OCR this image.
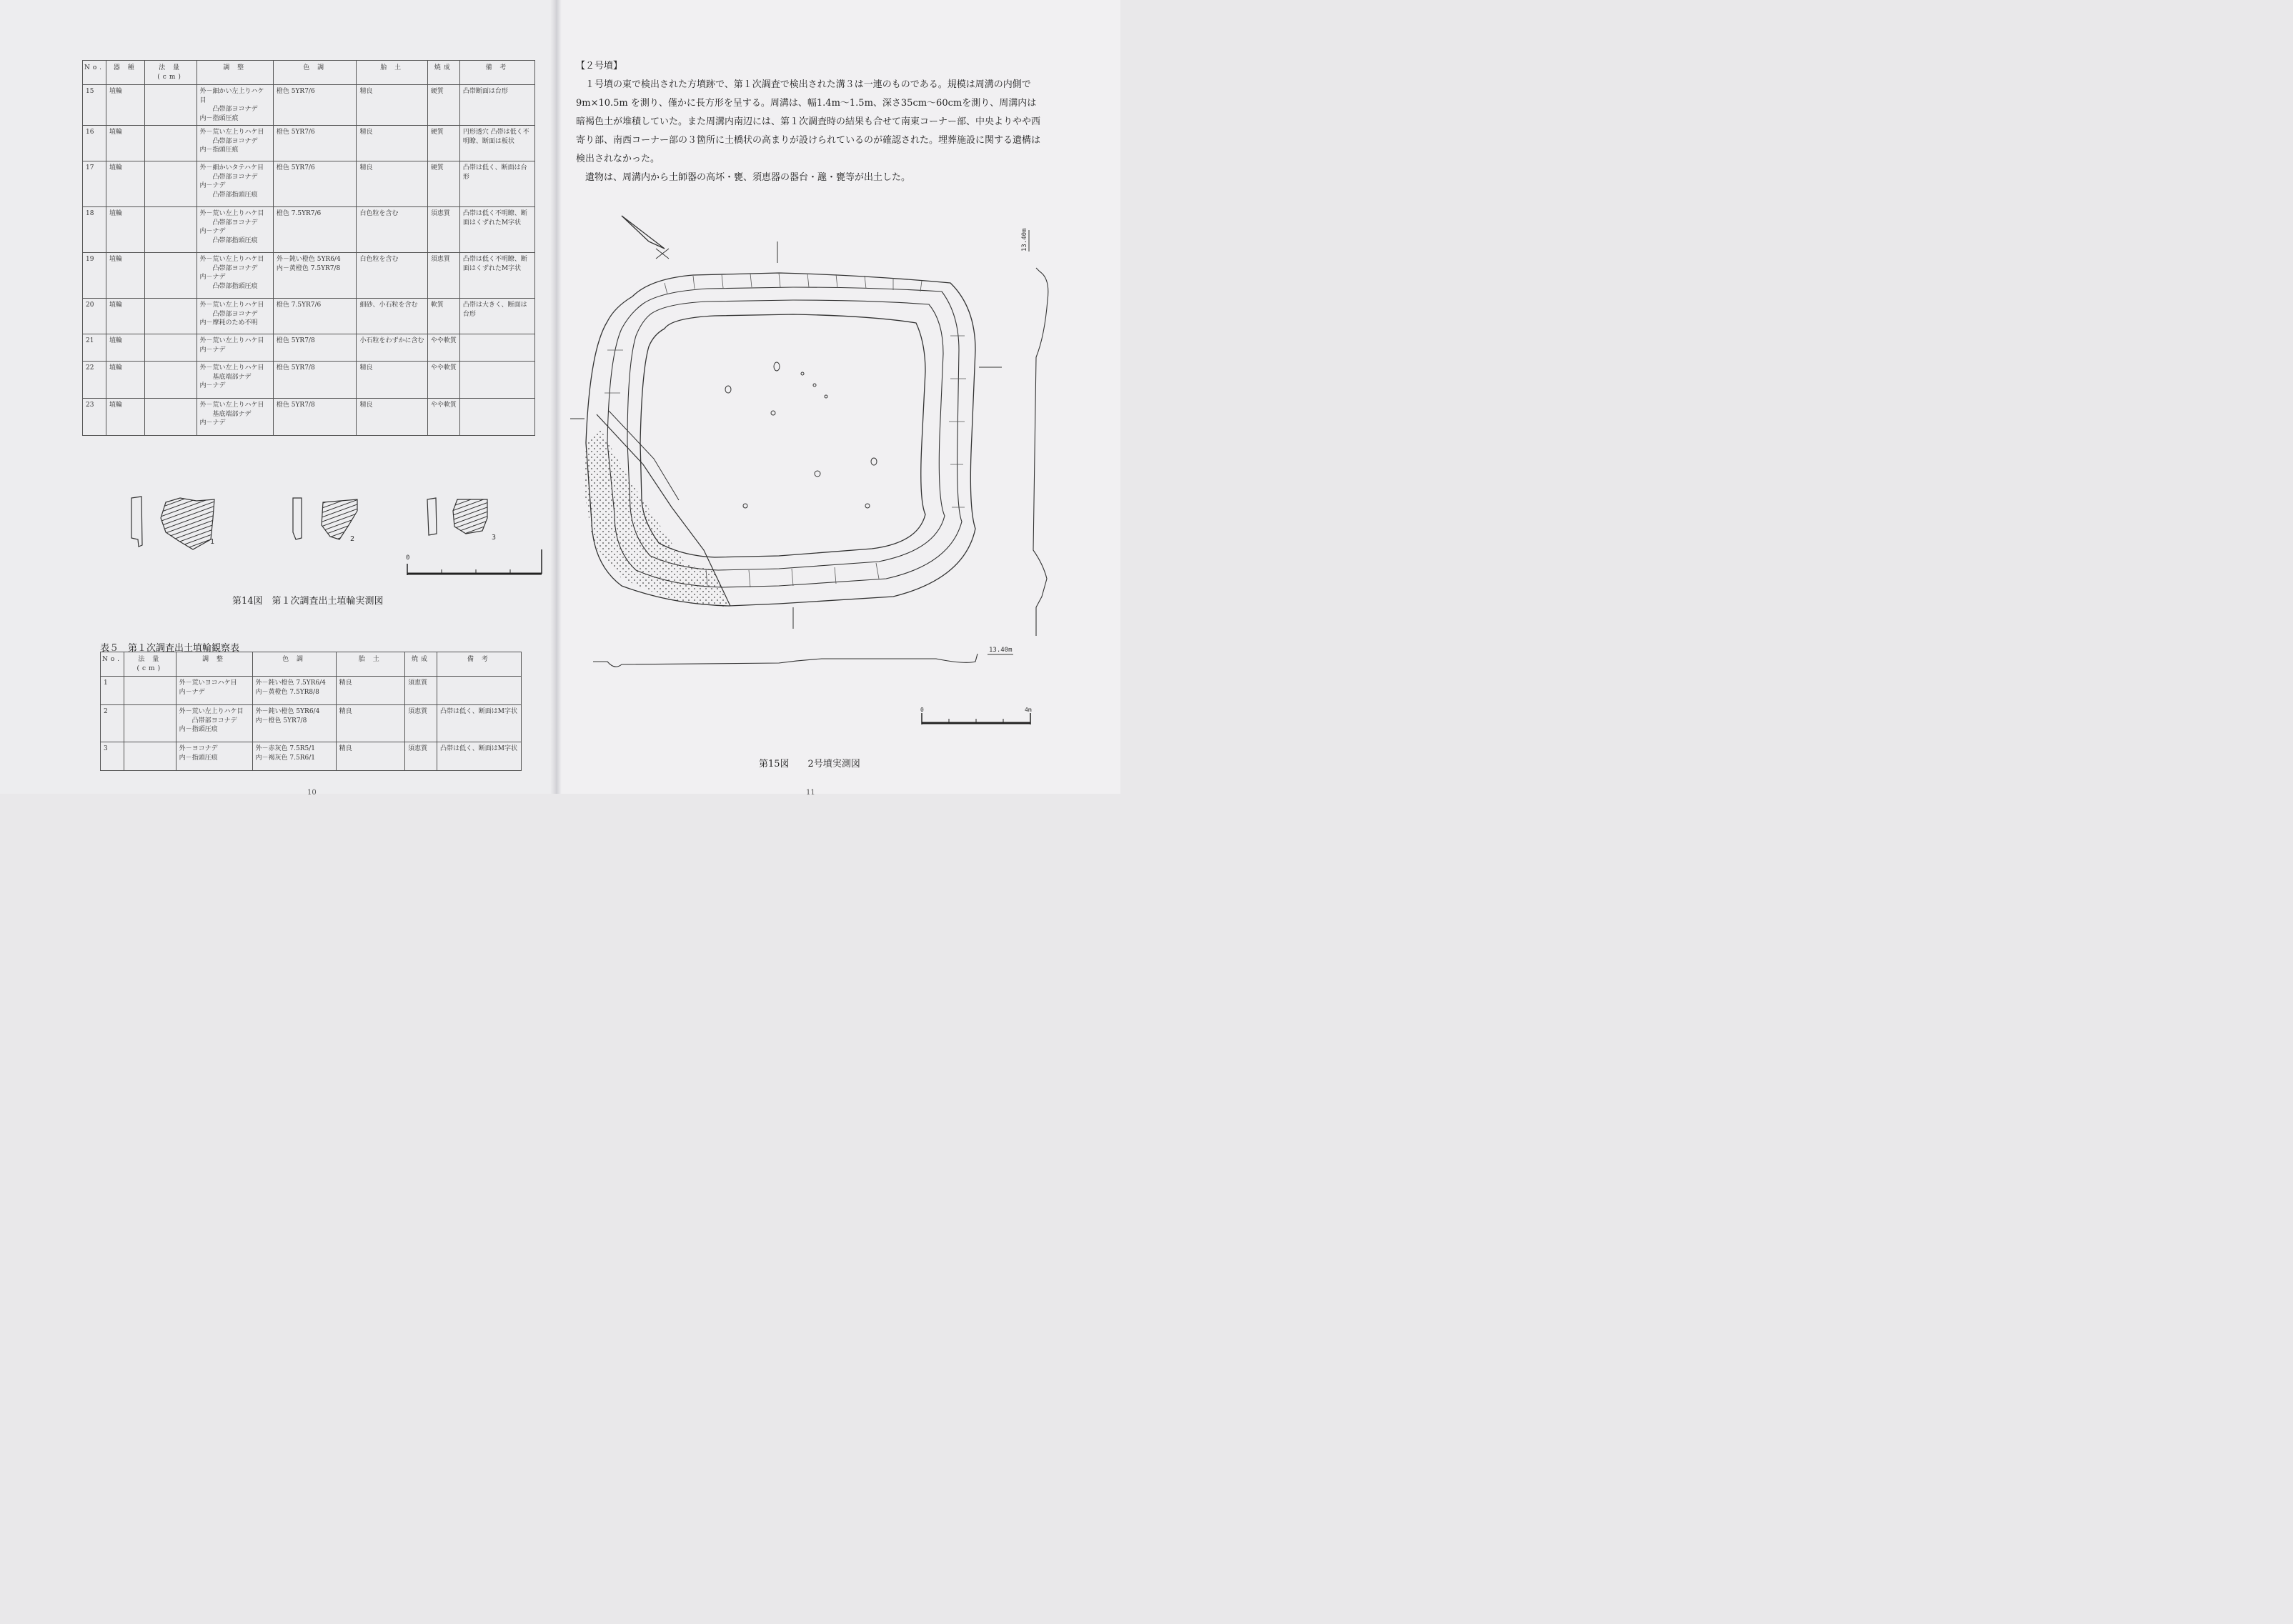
No.	器 種	法 量(cm)	調 整	色 調	胎 土	焼成	備 考
15	埴輪		外－細かい左上りハケ目
凸帯部ヨコナデ
内－指頭圧痕	橙色 5YR7/6	精良	硬質	凸帯断面は台形
16	埴輪		外－荒い左上りハケ目
凸帯部ヨコナデ
内－指頭圧痕	橙色 5YR7/6	精良	硬質	円形透穴 凸帯は低く不明瞭、断面は板状
17	埴輪		外－細かいタテハケ目
凸帯部ヨコナデ
内－ナデ
凸帯部指頭圧痕	橙色 5YR7/6	精良	硬質	凸帯は低く、断面は台形
18	埴輪		外－荒い左上りハケ目
凸帯部ヨコナデ
内－ナデ
凸帯部指頭圧痕	橙色 7.5YR7/6	白色粒を含む	須恵質	凸帯は低く不明瞭、断面はくずれたM字状
19	埴輪		外－荒い左上りハケ目
凸帯部ヨコナデ
内－ナデ
凸帯部指頭圧痕	外－鈍い橙色 5YR6/4
内－黄橙色 7.5YR7/8	白色粒を含む	須恵質	凸帯は低く不明瞭、断面はくずれたM字状
20	埴輪		外－荒い左上りハケ目
凸帯部ヨコナデ
内－摩耗のため不明	橙色 7.5YR7/6	細砂、小石粒を含む	軟質	凸帯は大きく、断面は台形
21	埴輪		外－荒い左上りハケ目
内－ナデ	橙色 5YR7/8	小石粒をわずかに含む	やや軟質	
22	埴輪		外－荒い左上りハケ目
基底端部ナデ
内－ナデ	橙色 5YR7/8	精良	やや軟質	
23	埴輪		外－荒い左上りハケ目
基底端部ナデ
内－ナデ	橙色 5YR7/8	精良	やや軟質	
1	2	3
0
第14図　第１次調査出土埴輪実測図
表５　第１次調査出土埴輪観察表
No.	法 量(cm)	調 整	色 調	胎 土	焼成	備 考
1		外－荒いヨコハケ目
内－ナデ	外－鈍い橙色 7.5YR6/4
内－黄橙色 7.5YR8/8	精良	須恵質	
2		外－荒い左上りハケ目
凸帯部ヨコナデ
内－指頭圧痕	外－鈍い橙色 5YR6/4
内－橙色 5YR7/8	精良	須恵質	凸帯は低く、断面はM字状
3		外－ヨコナデ
内－指頭圧痕	外－赤灰色 7.5R5/1
内－褐灰色 7.5R6/1	精良	須恵質	凸帯は低く、断面はM字状
10

【２号墳】

１号墳の東で検出された方墳跡で、第１次調査で検出された溝３は一連のものである。規模は周溝の内側で9m×10.5m を測り、僅かに長方形を呈する。周溝は、幅1.4m～1.5m、深さ35cm～60cmを測り、周溝内は暗褐色土が堆積していた。また周溝内南辺には、第１次調査時の結果も合せて南東コーナー部、中央よりやや西寄り部、南西コーナー部の３箇所に土橋状の高まりが設けられているのが確認された。埋葬施設に関する遺構は検出されなかった。

遺物は、周溝内から土師器の高坏・甕、須恵器の器台・𤭯・甕等が出土した。

0	4m
13.40m
13.40m
第15図　　2号墳実測図
11
